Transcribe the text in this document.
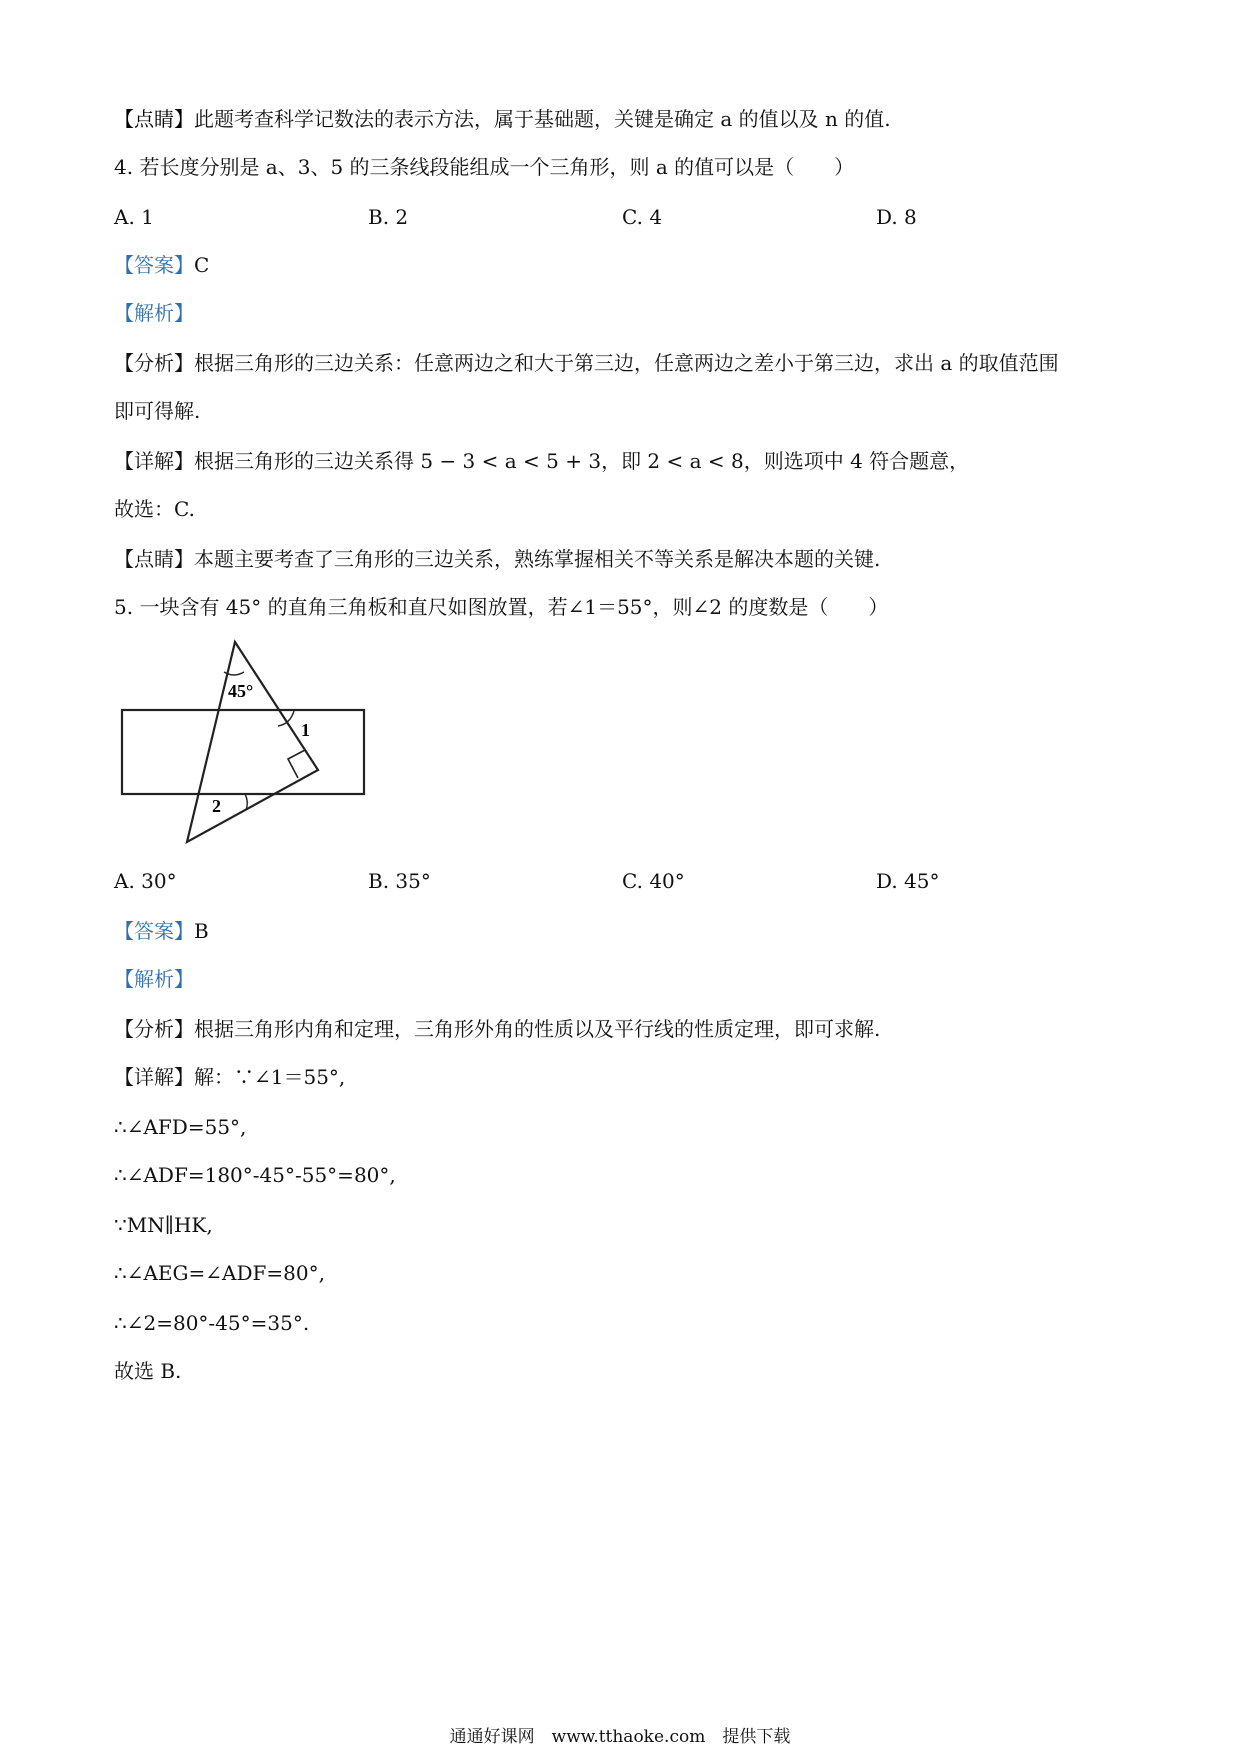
【点睛】此题考查科学记数法的表示方法，属于基础题，关键是确定 a 的值以及 n 的值.
4. 若长度分别是 a、3、5 的三条线段能组成一个三角形，则 a 的值可以是（　　）
A. 1	B. 2	C. 4	D. 8
【答案】C
【解析】
【分析】根据三角形的三边关系：任意两边之和大于第三边，任意两边之差小于第三边，求出 a 的取值范围
即可得解.
【详解】根据三角形的三边关系得 5 − 3 < a < 5 + 3，即 2 < a < 8，则选项中 4 符合题意，
故选：C.
【点睛】本题主要考查了三角形的三边关系，熟练掌握相关不等关系是解决本题的关键.
5. 一块含有 45° 的直角三角板和直尺如图放置，若∠1＝55°，则∠2 的度数是（　　）
45°
1
2
A. 30°	B. 35°	C. 40°	D. 45°
【答案】B
【解析】
【分析】根据三角形内角和定理，三角形外角的性质以及平行线的性质定理，即可求解.
【详解】解：∵∠1＝55°,
∴∠AFD=55°,
∴∠ADF=180°-45°-55°=80°,
∵MN∥HK,
∴∠AEG=∠ADF=80°,
∴∠2=80°-45°=35°.
故选 B.
通通好课网　www.tthaoke.com　提供下载
